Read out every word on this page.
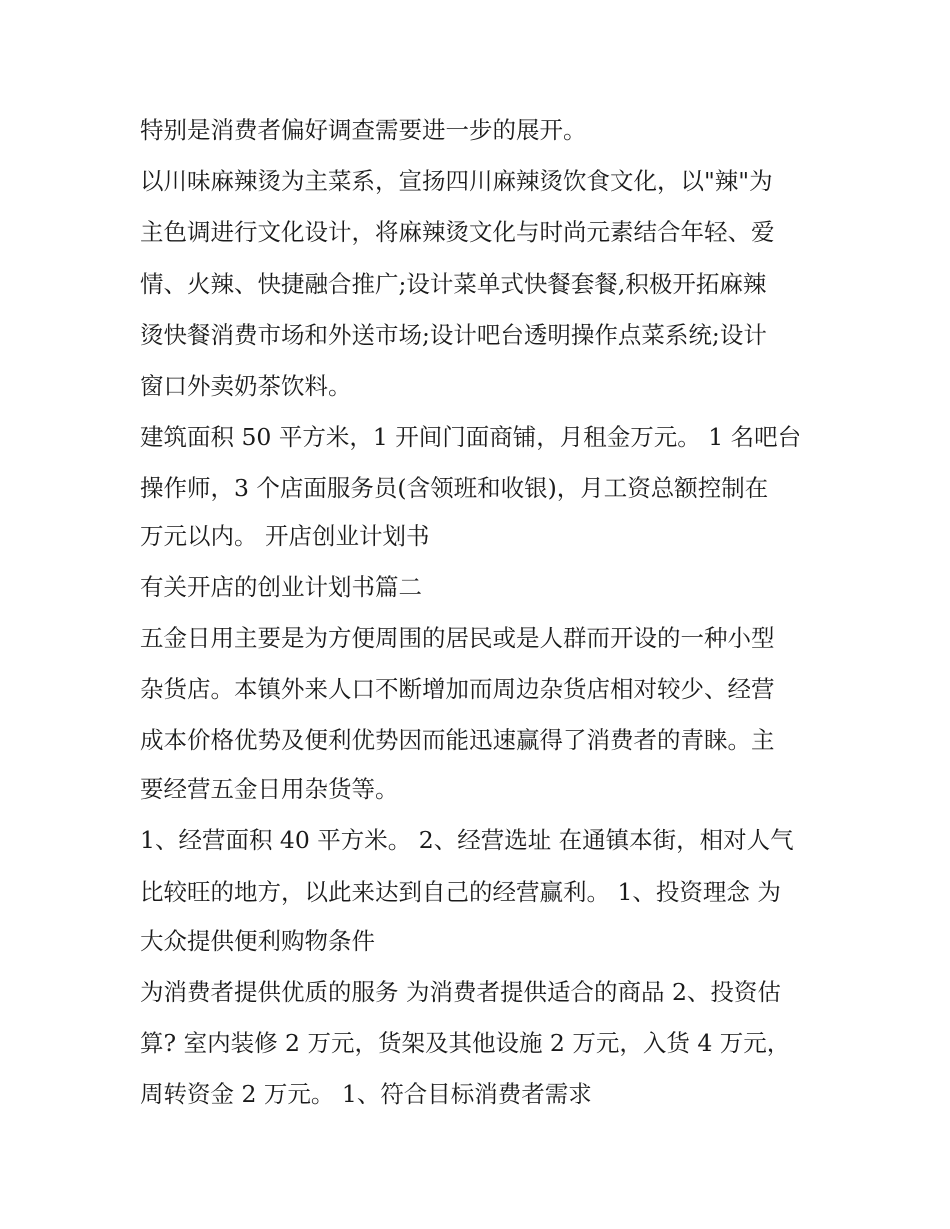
特别是消费者偏好调查需要进一步的展开。
以川味麻辣烫为主菜系，宣扬四川麻辣烫饮食文化，以"辣"为
主色调进行文化设计，将麻辣烫文化与时尚元素结合年轻、爱
情、火辣、快捷融合推广;设计菜单式快餐套餐,积极开拓麻辣
烫快餐消费市场和外送市场;设计吧台透明操作点菜系统;设计
窗口外卖奶茶饮料。
建筑面积 50 平方米，1 开间门面商铺，月租金万元。 1 名吧台
操作师，3 个店面服务员(含领班和收银)，月工资总额控制在
万元以内。 开店创业计划书
有关开店的创业计划书篇二
五金日用主要是为方便周围的居民或是人群而开设的一种小型
杂货店。本镇外来人口不断增加而周边杂货店相对较少、经营
成本价格优势及便利优势因而能迅速赢得了消费者的青睐。主
要经营五金日用杂货等。
1、经营面积 40 平方米。 2、经营选址 在通镇本街，相对人气
比较旺的地方，以此来达到自己的经营赢利。 1、投资理念 为
大众提供便利购物条件
为消费者提供优质的服务 为消费者提供适合的商品 2、投资估
算? 室内装修 2 万元，货架及其他设施 2 万元，入货 4 万元，
周转资金 2 万元。 1、符合目标消费者需求
